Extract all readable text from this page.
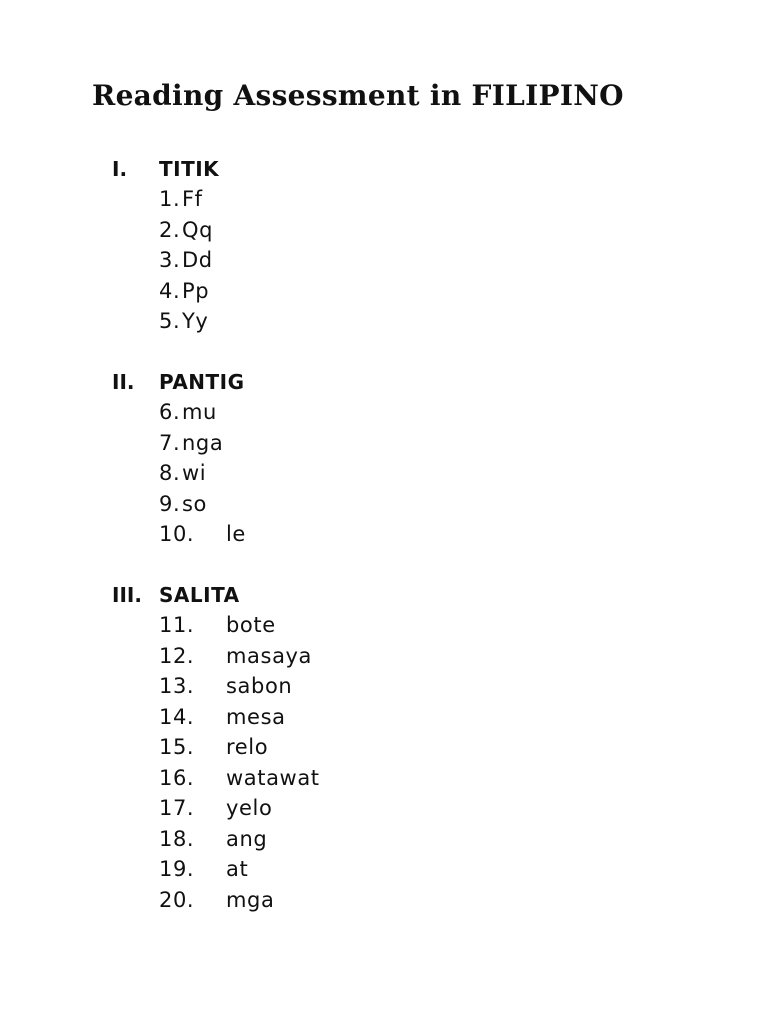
Reading Assessment in FILIPINO
I. TITIK
1. Ff
2. Qq
3. Dd
4. Pp
5. Yy
II. PANTIG
6. mu
7. nga
8. wi
9. so
10. le
III. SALITA
11. bote
12. masaya
13. sabon
14. mesa
15. relo
16. watawat
17. yelo
18. ang
19. at
20. mga
